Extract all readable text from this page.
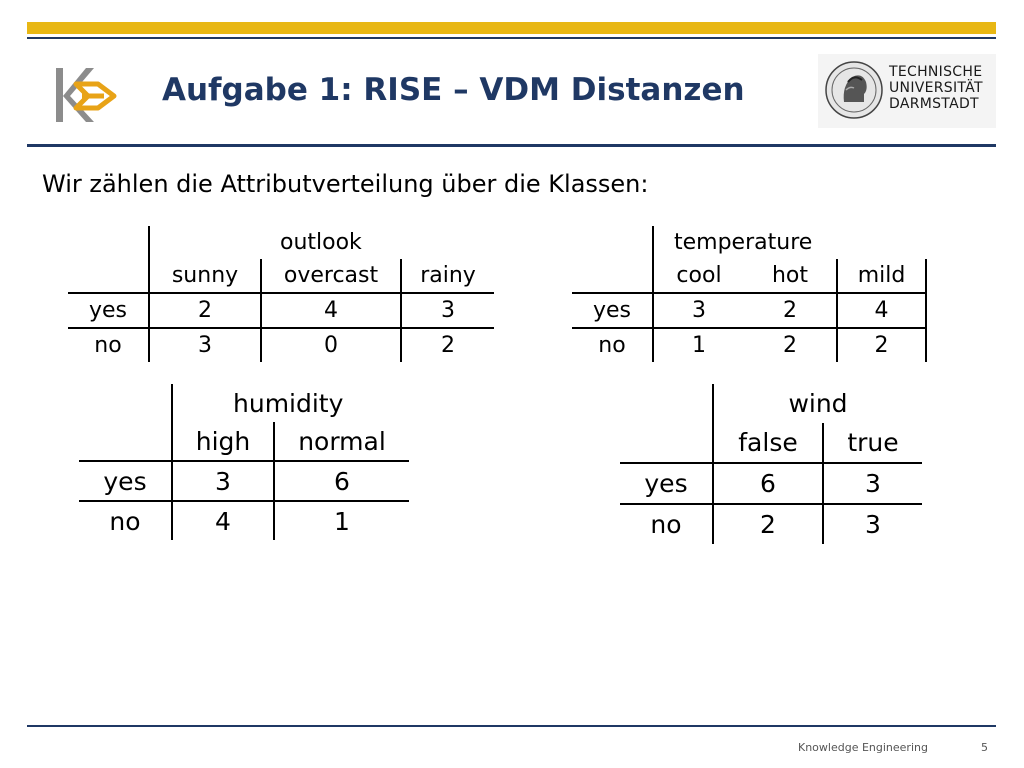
Aufgabe 1: RISE – VDM Distanzen	TECHNISCHE
UNIVERSITÄT
DARMSTADT
Wir zählen die Attributverteilung über die Klassen:
	outlook		
	sunny	overcast	rainy
yes	2	4	3
no	3	0	2
	temperature		
	cool	hot	mild
yes	3	2	4
no	1	2	2
	humidity	
	high	normal
yes	3	6
no	4	1
	wind	
	false	true
yes	6	3
no	2	3
Knowledge Engineering	5
